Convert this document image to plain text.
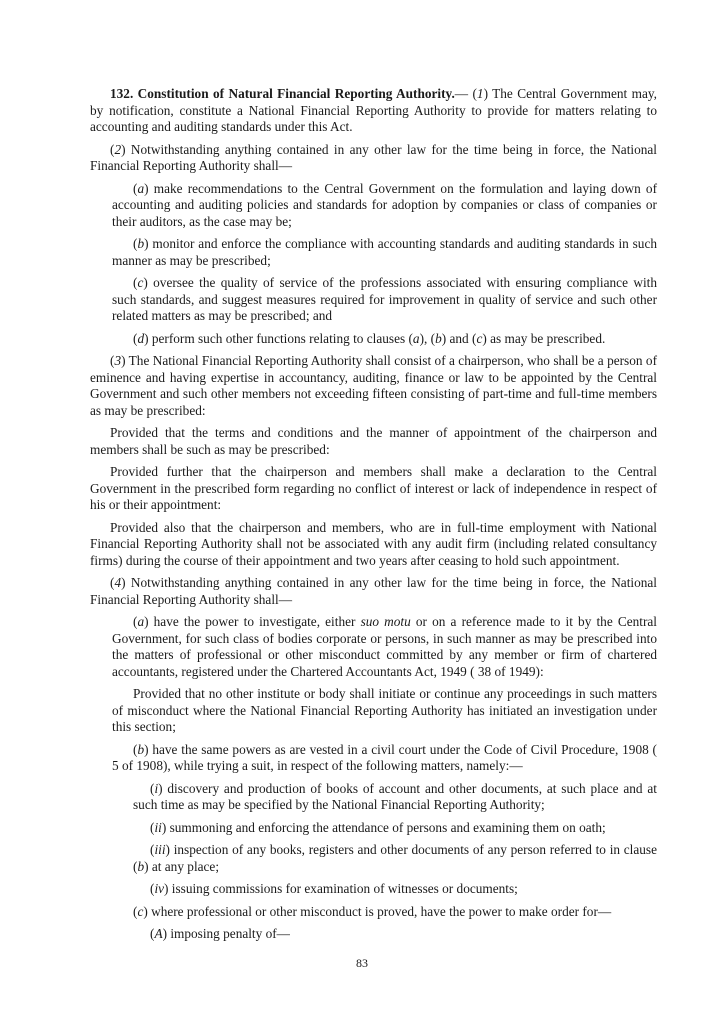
132. Constitution of Natural Financial Reporting Authority.— (1) The Central Government may, by notification, constitute a National Financial Reporting Authority to provide for matters relating to accounting and auditing standards under this Act.

(2) Notwithstanding anything contained in any other law for the time being in force, the National Financial Reporting Authority shall—

(a) make recommendations to the Central Government on the formulation and laying down of accounting and auditing policies and standards for adoption by companies or class of companies or their auditors, as the case may be;

(b) monitor and enforce the compliance with accounting standards and auditing standards in such manner as may be prescribed;

(c) oversee the quality of service of the professions associated with ensuring compliance with such standards, and suggest measures required for improvement in quality of service and such other related matters as may be prescribed; and

(d) perform such other functions relating to clauses (a), (b) and (c) as may be prescribed.

(3) The National Financial Reporting Authority shall consist of a chairperson, who shall be a person of eminence and having expertise in accountancy, auditing, finance or law to be appointed by the Central Government and such other members not exceeding fifteen consisting of part-time and full-time members as may be prescribed:

Provided that the terms and conditions and the manner of appointment of the chairperson and members shall be such as may be prescribed:

Provided further that the chairperson and members shall make a declaration to the Central Government in the prescribed form regarding no conflict of interest or lack of independence in respect of his or their appointment:

Provided also that the chairperson and members, who are in full-time employment with National Financial Reporting Authority shall not be associated with any audit firm (including related consultancy firms) during the course of their appointment and two years after ceasing to hold such appointment.

(4) Notwithstanding anything contained in any other law for the time being in force, the National Financial Reporting Authority shall—

(a) have the power to investigate, either suo motu or on a reference made to it by the Central Government, for such class of bodies corporate or persons, in such manner as may be prescribed into the matters of professional or other misconduct committed by any member or firm of chartered accountants, registered under the Chartered Accountants Act, 1949 ( 38 of 1949):

Provided that no other institute or body shall initiate or continue any proceedings in such matters of misconduct where the National Financial Reporting Authority has initiated an investigation under this section;

(b) have the same powers as are vested in a civil court under the Code of Civil Procedure, 1908 ( 5 of 1908), while trying a suit, in respect of the following matters, namely:—

(i) discovery and production of books of account and other documents, at such place and at such time as may be specified by the National Financial Reporting Authority;

(ii) summoning and enforcing the attendance of persons and examining them on oath;

(iii) inspection of any books, registers and other documents of any person referred to in clause (b) at any place;

(iv) issuing commissions for examination of witnesses or documents;

(c) where professional or other misconduct is proved, have the power to make order for—

(A) imposing penalty of—

83
